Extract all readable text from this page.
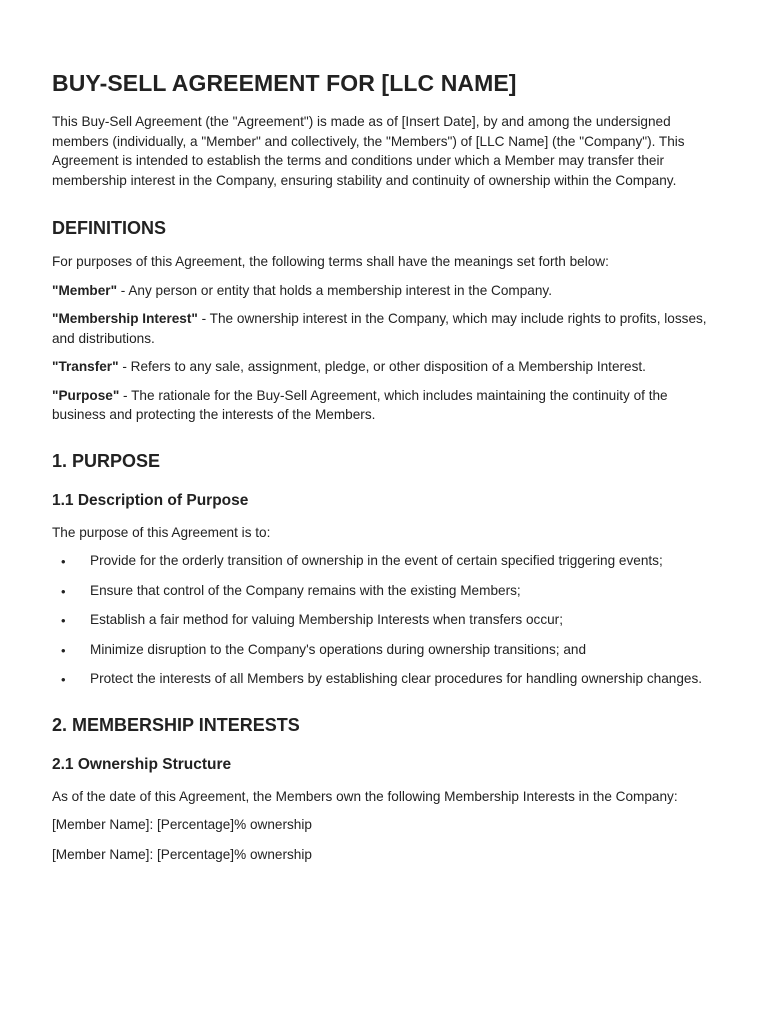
BUY-SELL AGREEMENT FOR [LLC NAME]

This Buy-Sell Agreement (the "Agreement") is made as of [Insert Date], by and among the undersigned members (individually, a "Member" and collectively, the "Members") of [LLC Name] (the "Company"). This Agreement is intended to establish the terms and conditions under which a Member may transfer their membership interest in the Company, ensuring stability and continuity of ownership within the Company.

DEFINITIONS

For purposes of this Agreement, the following terms shall have the meanings set forth below:

"Member" - Any person or entity that holds a membership interest in the Company.

"Membership Interest" - The ownership interest in the Company, which may include rights to profits, losses, and distributions.

"Transfer" - Refers to any sale, assignment, pledge, or other disposition of a Membership Interest.

"Purpose" - The rationale for the Buy-Sell Agreement, which includes maintaining the continuity of the business and protecting the interests of the Members.

1. PURPOSE
1.1 Description of Purpose

The purpose of this Agreement is to:

• Provide for the orderly transition of ownership in the event of certain specified triggering events;
• Ensure that control of the Company remains with the existing Members;
• Establish a fair method for valuing Membership Interests when transfers occur;
• Minimize disruption to the Company's operations during ownership transitions; and
• Protect the interests of all Members by establishing clear procedures for handling ownership changes.
2. MEMBERSHIP INTERESTS
2.1 Ownership Structure

As of the date of this Agreement, the Members own the following Membership Interests in the Company:

[Member Name]: [Percentage]% ownership

[Member Name]: [Percentage]% ownership
